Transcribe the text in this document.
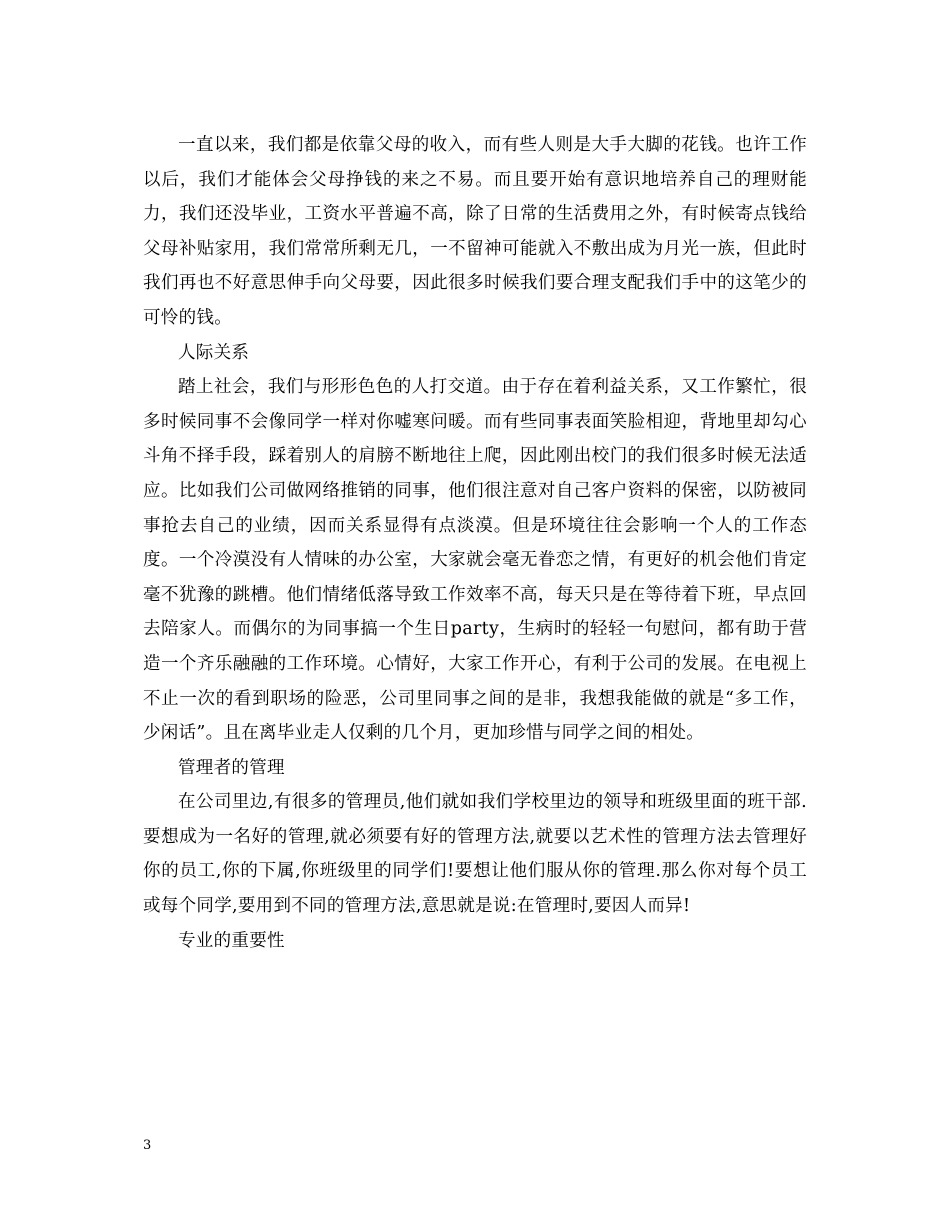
一直以来，我们都是依靠父母的收入，而有些人则是大手大脚的花钱。也许工作以后，我们才能体会父母挣钱的来之不易。而且要开始有意识地培养自己的理财能力，我们还没毕业，工资水平普遍不高，除了日常的生活费用之外，有时候寄点钱给父母补贴家用，我们常常所剩无几，一不留神可能就入不敷出成为月光一族，但此时我们再也不好意思伸手向父母要，因此很多时候我们要合理支配我们手中的这笔少的可怜的钱。

人际关系

踏上社会，我们与形形色色的人打交道。由于存在着利益关系，又工作繁忙，很多时候同事不会像同学一样对你嘘寒问暖。而有些同事表面笑脸相迎，背地里却勾心斗角不择手段，踩着别人的肩膀不断地往上爬，因此刚出校门的我们很多时候无法适应。比如我们公司做网络推销的同事，他们很注意对自己客户资料的保密，以防被同事抢去自己的业绩，因而关系显得有点淡漠。但是环境往往会影响一个人的工作态度。一个冷漠没有人情味的办公室，大家就会毫无眷恋之情，有更好的机会他们肯定毫不犹豫的跳槽。他们情绪低落导致工作效率不高，每天只是在等待着下班，早点回去陪家人。而偶尔的为同事搞一个生日party，生病时的轻轻一句慰问，都有助于营造一个齐乐融融的工作环境。心情好，大家工作开心，有利于公司的发展。在电视上不止一次的看到职场的险恶，公司里同事之间的是非，我想我能做的就是“多工作，少闲话”。且在离毕业走人仅剩的几个月，更加珍惜与同学之间的相处。

管理者的管理

在公司里边,有很多的管理员,他们就如我们学校里边的领导和班级里面的班干部.要想成为一名好的管理,就必须要有好的管理方法,就要以艺术性的管理方法去管理好你的员工,你的下属,你班级里的同学们!要想让他们服从你的管理.那么你对每个员工或每个同学,要用到不同的管理方法,意思就是说:在管理时,要因人而异!

专业的重要性

3
